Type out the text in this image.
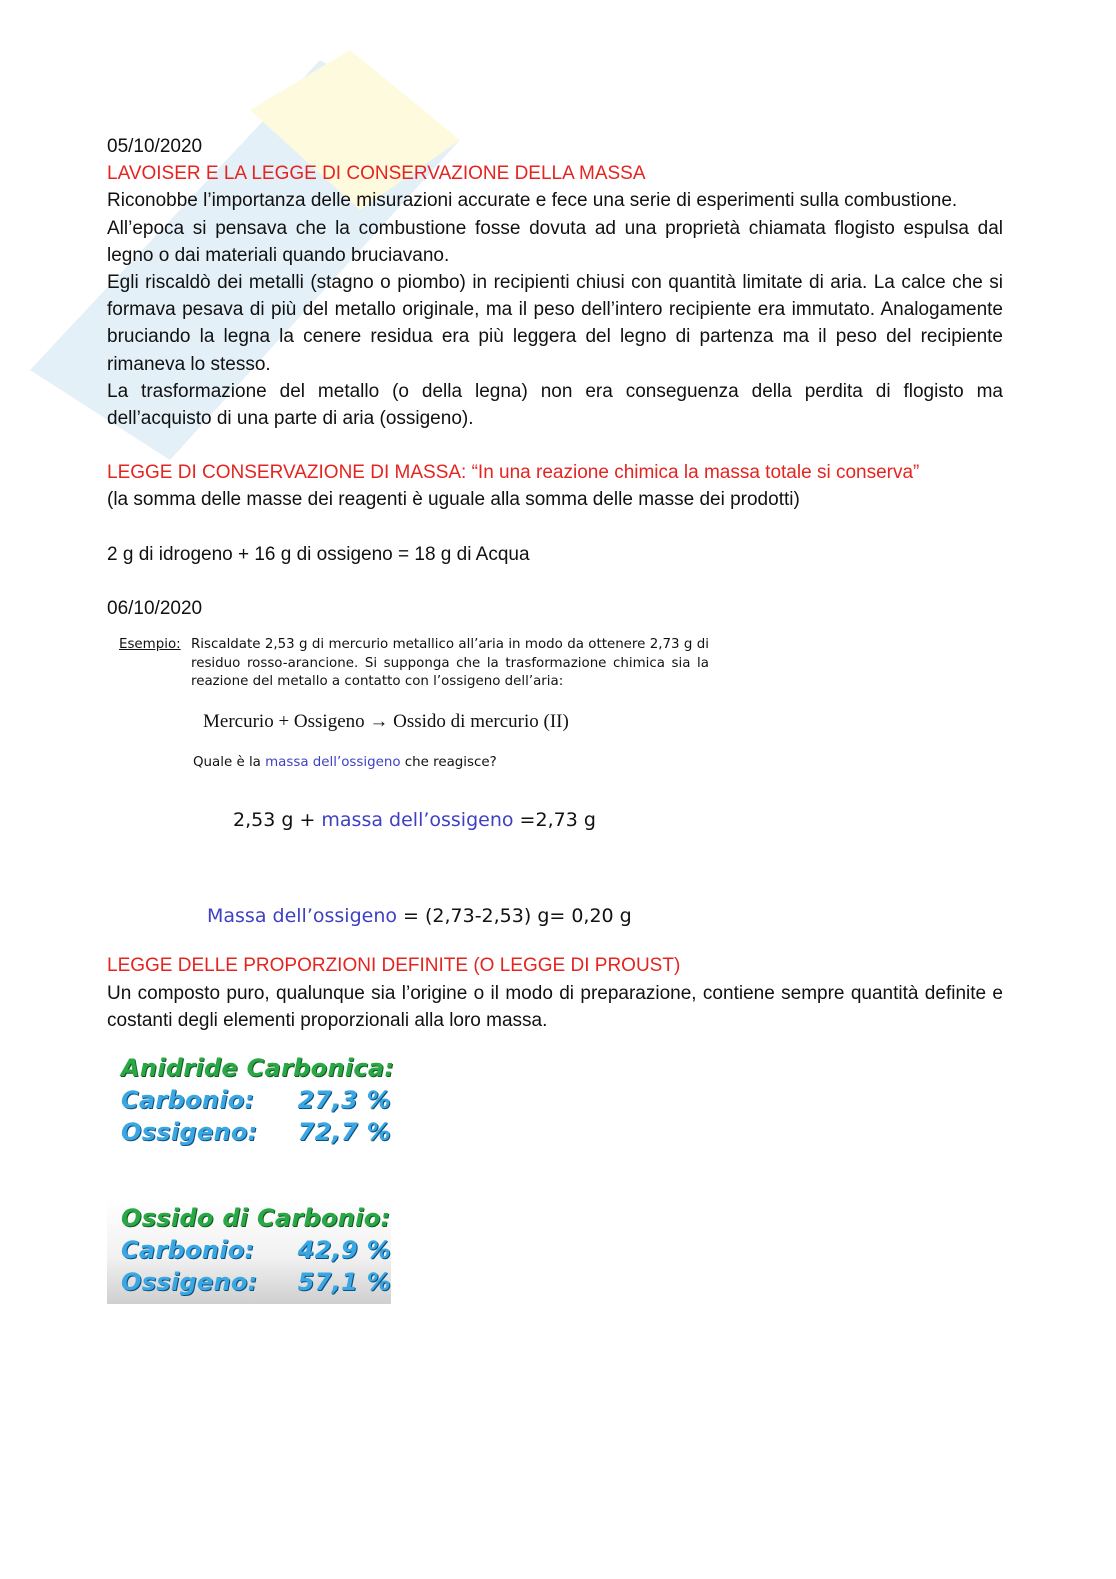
05/10/2020

LAVOISER E LA LEGGE DI CONSERVAZIONE DELLA MASSA

Riconobbe l’importanza delle misurazioni accurate e fece una serie di esperimenti sulla combustione.

All’epoca si pensava che la combustione fosse dovuta ad una proprietà chiamata flogisto espulsa dal legno o dai materiali quando bruciavano.

Egli riscaldò dei metalli (stagno o piombo) in recipienti chiusi con quantità limitate di aria. La calce che si formava pesava di più del metallo originale, ma il peso dell’intero recipiente era immutato. Analogamente bruciando la legna la cenere residua era più leggera del legno di partenza ma il peso del recipiente rimaneva lo stesso.

La trasformazione del metallo (o della legna) non era conseguenza della perdita di flogisto ma dell’acquisto di una parte di aria (ossigeno).

LEGGE DI CONSERVAZIONE DI MASSA: “In una reazione chimica la massa totale si conserva”

(la somma delle masse dei reagenti è uguale alla somma delle masse dei prodotti)

2 g di idrogeno + 16 g di ossigeno = 18 g di Acqua

06/10/2020

Esempio: Riscaldate 2,53 g di mercurio metallico all’aria in modo da ottenere 2,73 g di residuo rosso-arancione. Si supponga che la trasformazione chimica sia la reazione del metallo a contatto con l’ossigeno dell’aria:
Mercurio + Ossigeno → Ossido di mercurio (II)
Quale è la massa dell’ossigeno che reagisce?
2,53 g + massa dell’ossigeno =2,73 g
Massa dell’ossigeno = (2,73-2,53) g= 0,20 g

LEGGE DELLE PROPORZIONI DEFINITE (O LEGGE DI PROUST)

Un composto puro, qualunque sia l’origine o il modo di preparazione, contiene sempre quantità definite e costanti degli elementi proporzionali alla loro massa.

Anidride Carbonica:
Carbonio:	27,3 %
Ossigeno:	72,7 %
Ossido di Carbonio:
Carbonio:	42,9 %
Ossigeno:	57,1 %
